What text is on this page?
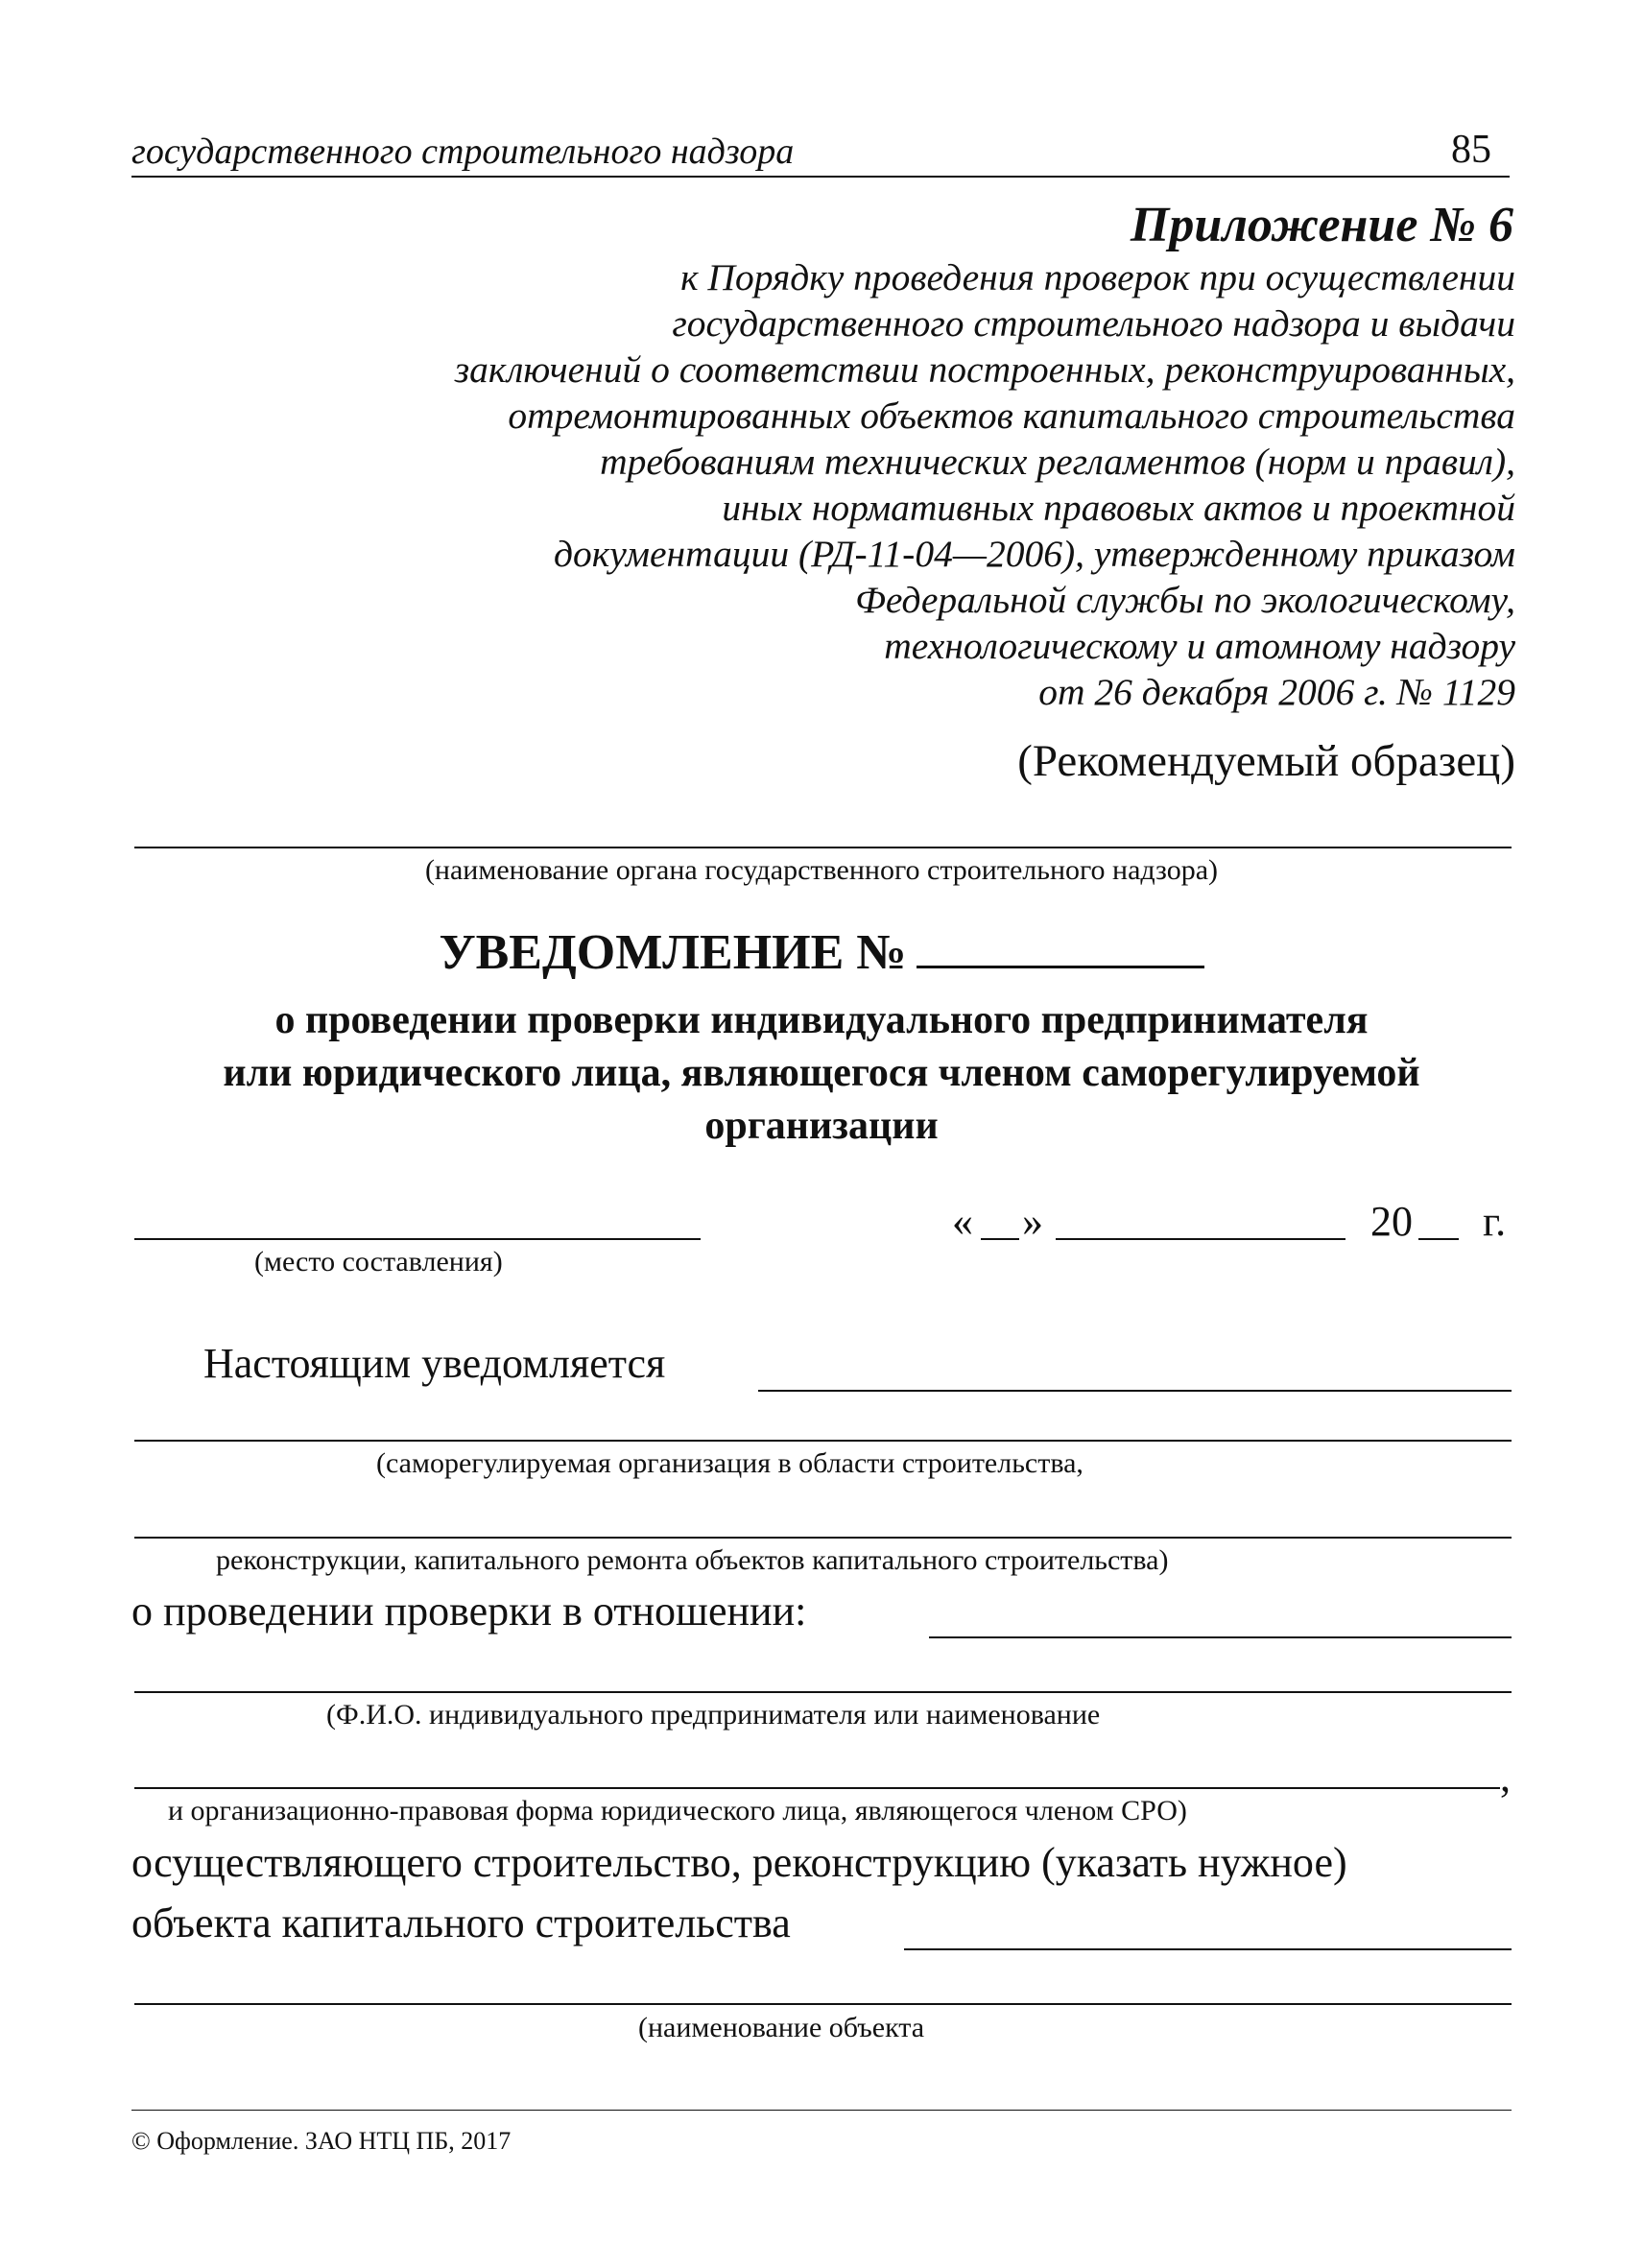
государственного строительного надзора	85
Приложение № 6
к Порядку проведения проверок при осуществлении
государственного строительного надзора и выдачи
заключений о соответствии построенных, реконструированных,
отремонтированных объектов капитального строительства
требованиям технических регламентов (норм и правил),
иных нормативных правовых актов и проектной
документации (РД-11-04—2006), утвержденному приказом
Федеральной службы по экологическому,
технологическому и атомному надзору
от 26 декабря 2006 г. № 1129
(Рекомендуемый образец)
(наименование органа государственного строительного надзора)
УВЕДОМЛЕНИЕ №
о проведении проверки индивидуального предпринимателя
или юридического лица, являющегося членом саморегулируемой
организации
(место составления)
« »	20 г.
Настоящим уведомляется
(саморегулируемая организация в области строительства,
реконструкции, капитального ремонта объектов капитального строительства)
о проведении проверки в отношении:
(Ф.И.О. индивидуального предпринимателя или наименование
,
и организационно-правовая форма юридического лица, являющегося членом СРО)
осуществляющего строительство, реконструкцию (указать нужное)
объекта капитального строительства
(наименование объекта
© Оформление. ЗАО НТЦ ПБ, 2017
